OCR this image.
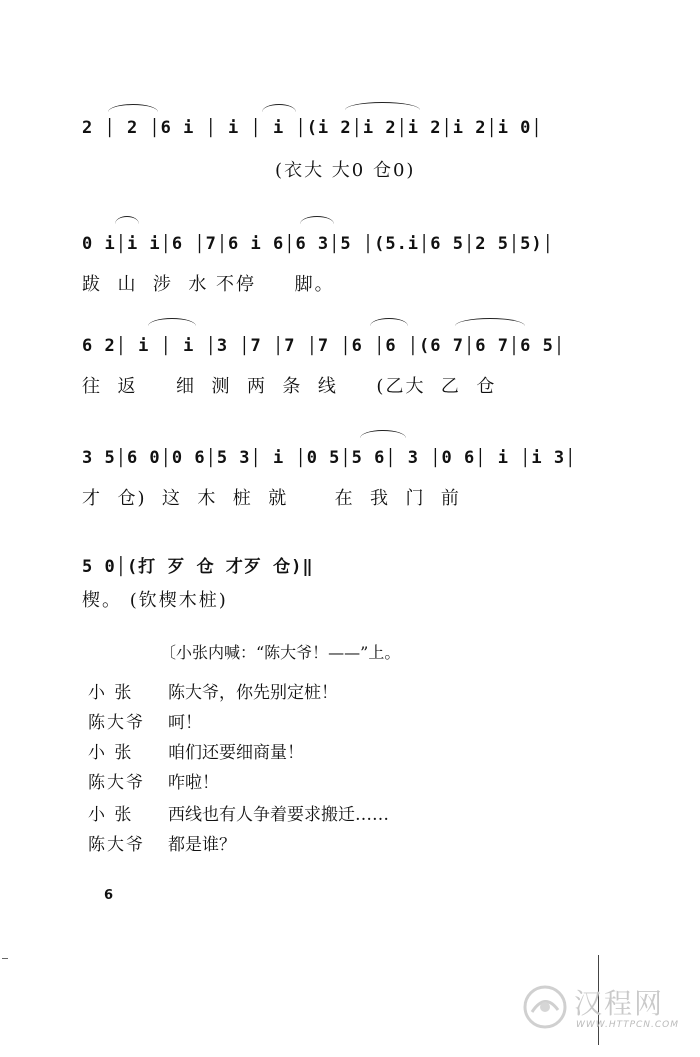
2 │ 2 │6 i │ i │ i │(i 2│i 2│i 2│i 2│i 0│
(衣大 大0 仓0)
0 i│i i│6 │7│6 i 6│6 3│5 │(5.i│6 5│2 5│5)│
跋  山  涉  水 不停     脚。
6 2│ i │ i │3 │7 │7 │7 │6 │6 │(6 7│6 7│6 5│
往  返     细  测  两  条  线     (乙大  乙  仓
3 5│6 0│0 6│5 3│ i │0 5│5 6│ 3 │0 6│ i │i 3│
才  仓)  这  木  桩  就      在  我  门  前
5 0│(打 歹 仓 才歹 仓)‖
楔。 (钦楔木桩)
〔小张内喊：“陈大爷！——”上。
小 张 陈大爷，你先别定桩！
陈大爷 呵！
小 张 咱们还要细商量！
陈大爷 咋啦！
小 张 西线也有人争着要求搬迁……
陈大爷 都是谁？
6
汉程网
WWW.HTTPCN.COM
